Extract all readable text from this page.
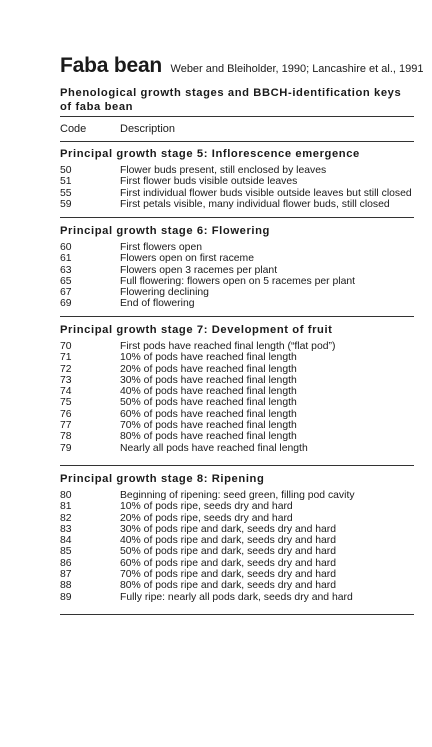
Faba bean Weber and Bleiholder, 1990; Lancashire et al., 1991
Phenological growth stages and BBCH-identification keys of faba bean
Code	Description
Principal growth stage 5: Inflorescence emergence
50	Flower buds present, still enclosed by leaves
51	First flower buds visible outside leaves
55	First individual flower buds visible outside leaves but still closed
59	First petals visible, many individual flower buds, still closed
Principal growth stage 6: Flowering
60	First flowers open
61	Flowers open on first raceme
63	Flowers open 3 racemes per plant
65	Full flowering: flowers open on 5 racemes per plant
67	Flowering declining
69	End of flowering
Principal growth stage 7: Development of fruit
70	First pods have reached final length (“flat pod”)
71	10% of pods have reached final length
72	20% of pods have reached final length
73	30% of pods have reached final length
74	40% of pods have reached final length
75	50% of pods have reached final length
76	60% of pods have reached final length
77	70% of pods have reached final length
78	80% of pods have reached final length
79	Nearly all pods have reached final length
Principal growth stage 8: Ripening
80	Beginning of ripening: seed green, filling pod cavity
81	10% of pods ripe, seeds dry and hard
82	20% of pods ripe, seeds dry and hard
83	30% of pods ripe and dark, seeds dry and hard
84	40% of pods ripe and dark, seeds dry and hard
85	50% of pods ripe and dark, seeds dry and hard
86	60% of pods ripe and dark, seeds dry and hard
87	70% of pods ripe and dark, seeds dry and hard
88	80% of pods ripe and dark, seeds dry and hard
89	Fully ripe: nearly all pods dark, seeds dry and hard
